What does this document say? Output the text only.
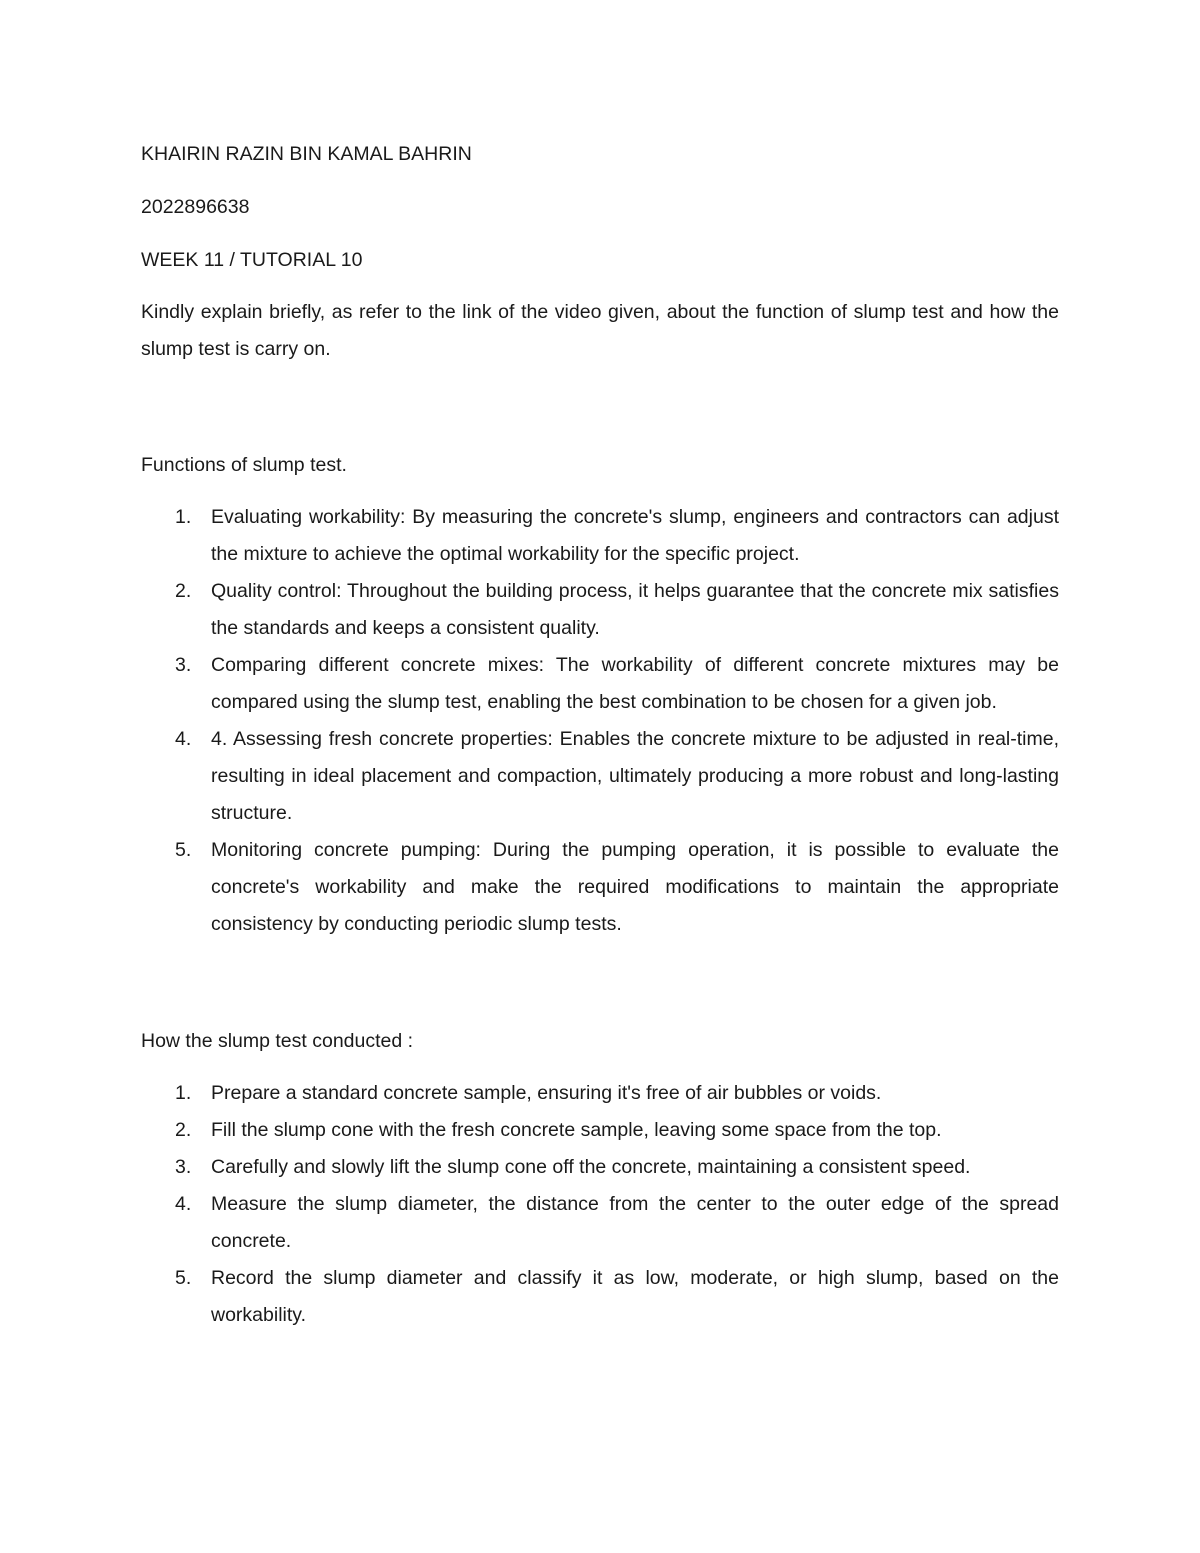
KHAIRIN RAZIN BIN KAMAL BAHRIN

2022896638

WEEK 11 / TUTORIAL 10

Kindly explain briefly, as refer to the link of the video given, about the function of slump test and how the slump test is carry on.

Functions of slump test.

1. Evaluating workability: By measuring the concrete's slump, engineers and contractors can adjust the mixture to achieve the optimal workability for the specific project.
2. Quality control: Throughout the building process, it helps guarantee that the concrete mix satisfies the standards and keeps a consistent quality.
3. Comparing different concrete mixes: The workability of different concrete mixtures may be compared using the slump test, enabling the best combination to be chosen for a given job.
4. 4. Assessing fresh concrete properties: Enables the concrete mixture to be adjusted in real-time, resulting in ideal placement and compaction, ultimately producing a more robust and long-lasting structure.
5. Monitoring concrete pumping: During the pumping operation, it is possible to evaluate the concrete's workability and make the required modifications to maintain the appropriate consistency by conducting periodic slump tests.

How the slump test conducted :

1. Prepare a standard concrete sample, ensuring it's free of air bubbles or voids.
2. Fill the slump cone with the fresh concrete sample, leaving some space from the top.
3. Carefully and slowly lift the slump cone off the concrete, maintaining a consistent speed.
4. Measure the slump diameter, the distance from the center to the outer edge of the spread concrete.
5. Record the slump diameter and classify it as low, moderate, or high slump, based on the workability.
